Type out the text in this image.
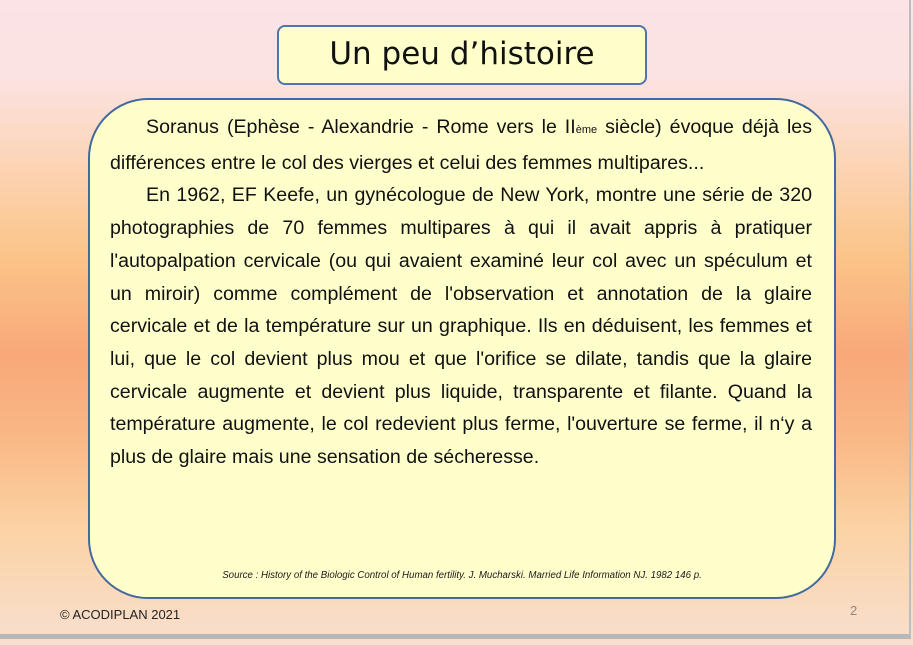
Un peu d’histoire

Soranus (Ephèse - Alexandrie - Rome vers le IIème siècle) évoque déjà les différences entre le col des vierges et celui des femmes multipares...

En 1962, EF Keefe, un gynécologue de New York, montre une série de 320 photographies de 70 femmes multipares à qui il avait appris à pratiquer l'autopalpation cervicale (ou qui avaient examiné leur col avec un spéculum et un miroir) comme complément de l'observation et annotation de la glaire cervicale et de la température sur un graphique. Ils en déduisent, les femmes et lui, que le col devient plus mou et que l'orifice se dilate, tandis que la glaire cervicale augmente et devient plus liquide, transparente et filante. Quand la température augmente, le col redevient plus ferme, l'ouverture se ferme, il n‘y a plus de glaire mais une sensation de sécheresse.

Source : History of the Biologic Control of Human fertility. J. Mucharski. Married Life Information NJ. 1982 146 p.
© ACODIPLAN 2021	2
